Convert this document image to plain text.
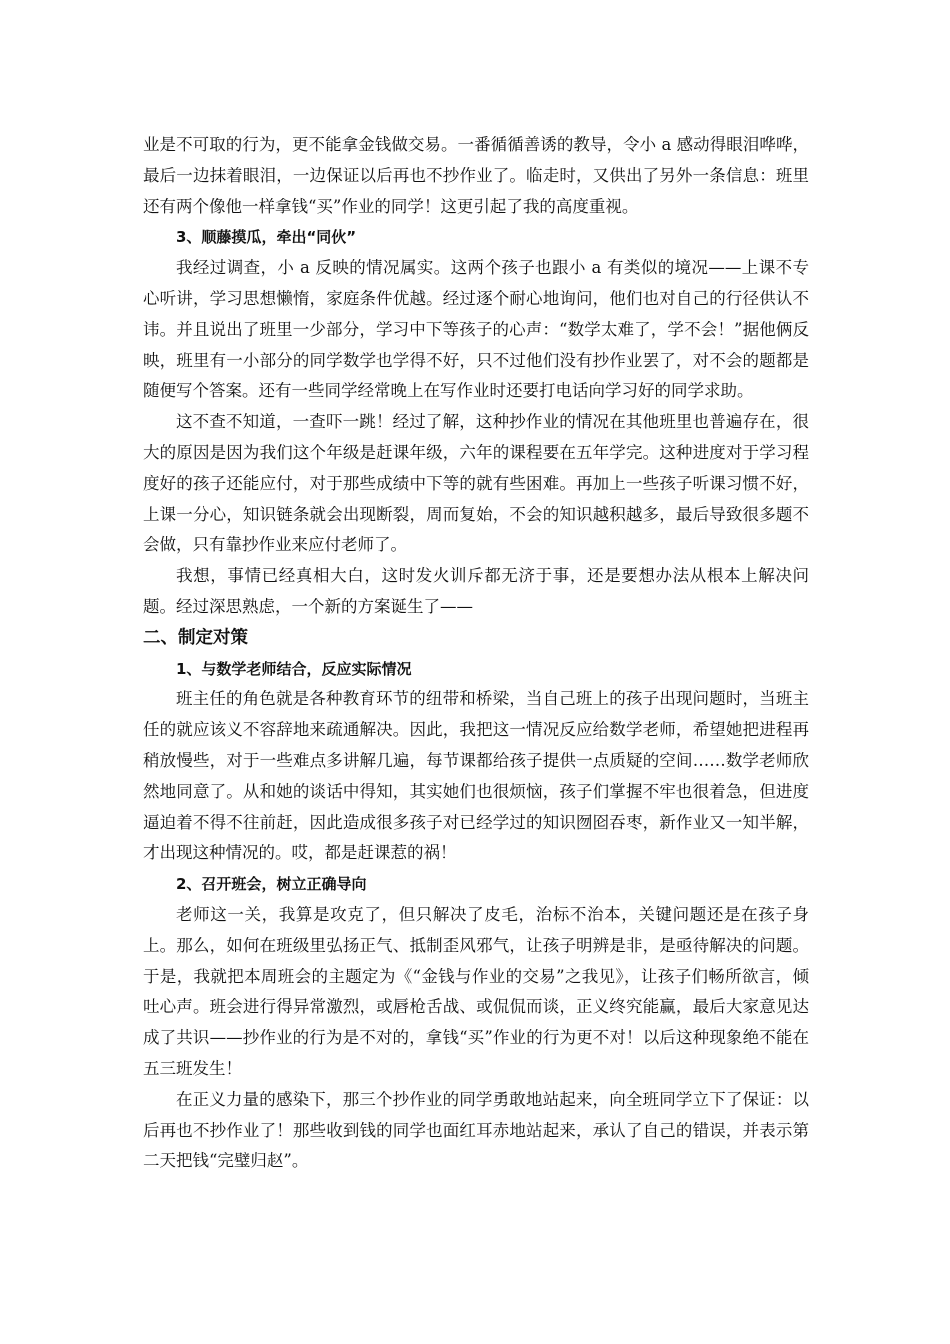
业是不可取的行为，更不能拿金钱做交易。一番循循善诱的教导，令小 a 感动得眼泪哗哗，最后一边抹着眼泪，一边保证以后再也不抄作业了。临走时，又供出了另外一条信息：班里还有两个像他一样拿钱“买”作业的同学！这更引起了我的高度重视。

3、顺藤摸瓜，牵出“同伙”

我经过调查，小 a 反映的情况属实。这两个孩子也跟小 a 有类似的境况——上课不专心听讲，学习思想懒惰，家庭条件优越。经过逐个耐心地询问，他们也对自己的行径供认不讳。并且说出了班里一少部分，学习中下等孩子的心声：“数学太难了，学不会！”据他俩反映，班里有一小部分的同学数学也学得不好，只不过他们没有抄作业罢了，对不会的题都是随便写个答案。还有一些同学经常晚上在写作业时还要打电话向学习好的同学求助。

这不查不知道，一查吓一跳！经过了解，这种抄作业的情况在其他班里也普遍存在，很大的原因是因为我们这个年级是赶课年级，六年的课程要在五年学完。这种进度对于学习程度好的孩子还能应付，对于那些成绩中下等的就有些困难。再加上一些孩子听课习惯不好，上课一分心，知识链条就会出现断裂，周而复始，不会的知识越积越多，最后导致很多题不会做，只有靠抄作业来应付老师了。

我想，事情已经真相大白，这时发火训斥都无济于事，还是要想办法从根本上解决问题。经过深思熟虑，一个新的方案诞生了——

二、制定对策

1、与数学老师结合，反应实际情况

班主任的角色就是各种教育环节的纽带和桥梁，当自己班上的孩子出现问题时，当班主任的就应该义不容辞地来疏通解决。因此，我把这一情况反应给数学老师，希望她把进程再稍放慢些，对于一些难点多讲解几遍，每节课都给孩子提供一点质疑的空间……数学老师欣然地同意了。从和她的谈话中得知，其实她们也很烦恼，孩子们掌握不牢也很着急，但进度逼迫着不得不往前赶，因此造成很多孩子对已经学过的知识囫囵吞枣，新作业又一知半解，才出现这种情况的。哎，都是赶课惹的祸！

2、召开班会，树立正确导向

老师这一关，我算是攻克了，但只解决了皮毛，治标不治本，关键问题还是在孩子身上。那么，如何在班级里弘扬正气、抵制歪风邪气，让孩子明辨是非，是亟待解决的问题。于是，我就把本周班会的主题定为《“金钱与作业的交易”之我见》，让孩子们畅所欲言，倾吐心声。班会进行得异常激烈，或唇枪舌战、或侃侃而谈，正义终究能赢，最后大家意见达成了共识——抄作业的行为是不对的，拿钱“买”作业的行为更不对！以后这种现象绝不能在五三班发生！

在正义力量的感染下，那三个抄作业的同学勇敢地站起来，向全班同学立下了保证：以后再也不抄作业了！那些收到钱的同学也面红耳赤地站起来，承认了自己的错误，并表示第二天把钱“完璧归赵”。
